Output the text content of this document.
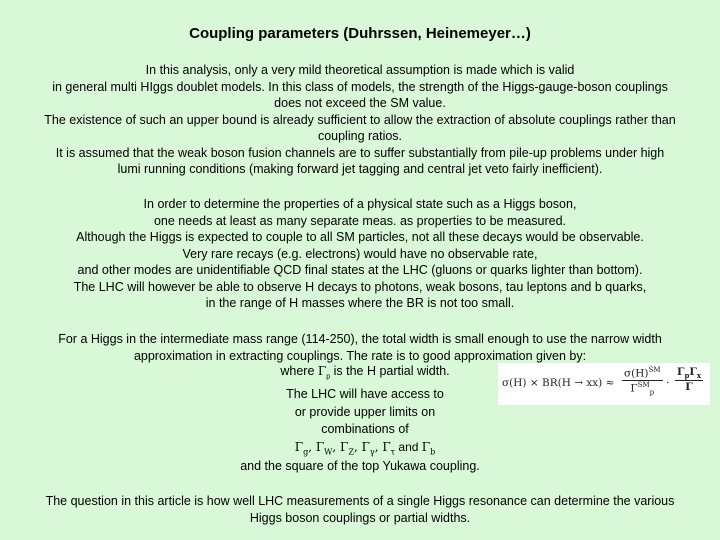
Coupling parameters (Duhrssen, Heinemeyer…)
In this analysis, only a very mild theoretical assumption is made which is valid
in general multi HIggs doublet models. In this class of models, the strength of the Higgs-gauge-boson couplings
does not exceed the SM value.
The existence of such an upper bound is already sufficient to allow the extraction of absolute couplings rather than
coupling ratios.
It is assumed that the weak boson fusion channels are to suffer substantially from pile-up problems under high
lumi running conditions (making forward jet tagging and central jet veto fairly inefficient).
In order to determine the properties of a physical state such as a Higgs boson,
one needs at least as many separate meas. as properties to be measured.
Although the Higgs is expected to couple to all SM particles, not all these decays would be observable.
Very rare recays (e.g. electrons) would have no observable rate,
and other modes are unidentifiable QCD final states at the LHC (gluons or quarks lighter than bottom).
The LHC will however be able to observe H decays to photons, weak bosons, tau leptons and b quarks,
in the range of H masses where the BR is not too small.
For a Higgs in the intermediate mass range (114-250), the total width is small enough to use the narrow width
approximation in extracting couplings. The rate is to good approximation given by:
where $\Gamma_p$ is the H partial width.
The LHC will have access to
or provide upper limits on
combinations of
$\Gamma_g$, $\Gamma_W$, $\Gamma_Z$, $\Gamma_\gamma$, $\Gamma_\tau$ and $\Gamma_b$
σ(H) × BR(H → xx) ≈
σ(H)℠
$\Gamma℠_p$
·
$\Gamma_p\Gamma_x$
Γ
and the square of the top Yukawa coupling.
The question in this article is how well LHC measurements of a single Higgs resonance can determine the various
Higgs boson couplings or partial widths.
